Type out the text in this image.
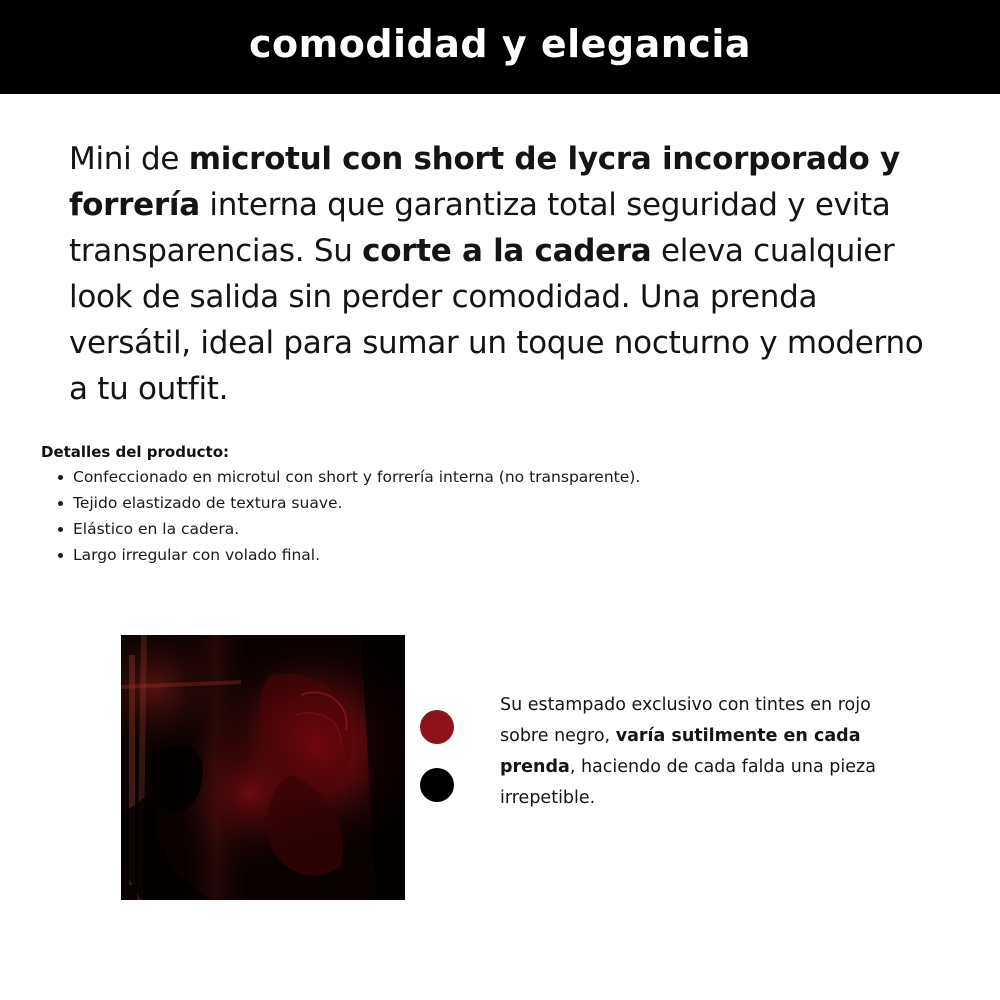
comodidad y elegancia

Mini de microtul con short de lycra incorporado y forrería interna que garantiza total seguridad y evita transparencias. Su corte a la cadera eleva cualquier look de salida sin perder comodidad. Una prenda versátil, ideal para sumar un toque nocturno y moderno a tu outfit.

Detalles del producto:

Confeccionado en microtul con short y forrería interna (no transparente).
Tejido elastizado de textura suave.
Elástico en la cadera.
Largo irregular con volado final.

Su estampado exclusivo con tintes en rojo sobre negro, varía sutilmente en cada prenda, haciendo de cada falda una pieza irrepetible.
